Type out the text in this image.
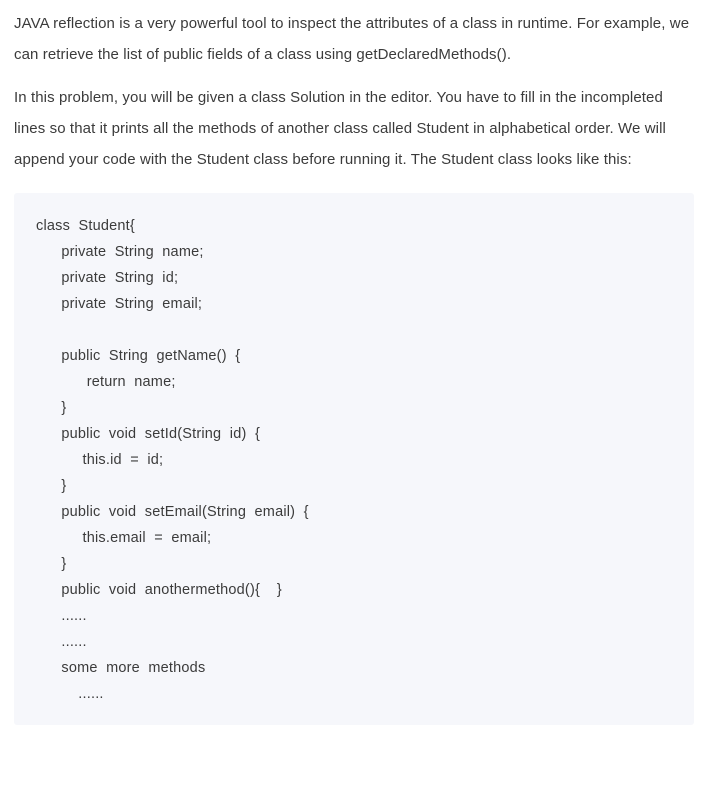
JAVA reflection is a very powerful tool to inspect the attributes of a class in runtime. For example, we can retrieve the list of public fields of a class using getDeclaredMethods().

In this problem, you will be given a class Solution in the editor. You have to fill in the incompleted lines so that it prints all the methods of another class called Student in alphabetical order. We will append your code with the Student class before running it. The Student class looks like this:

class  Student{
private  String  name;
private  String  id;
private  String  email;
public  String  getName()  {
return  name;
}
public  void  setId(String  id)  {
this.id  =  id;
}
public  void  setEmail(String  email)  {
this.email  =  email;
}
public  void  anothermethod(){    }
......
......
some  more  methods
......
